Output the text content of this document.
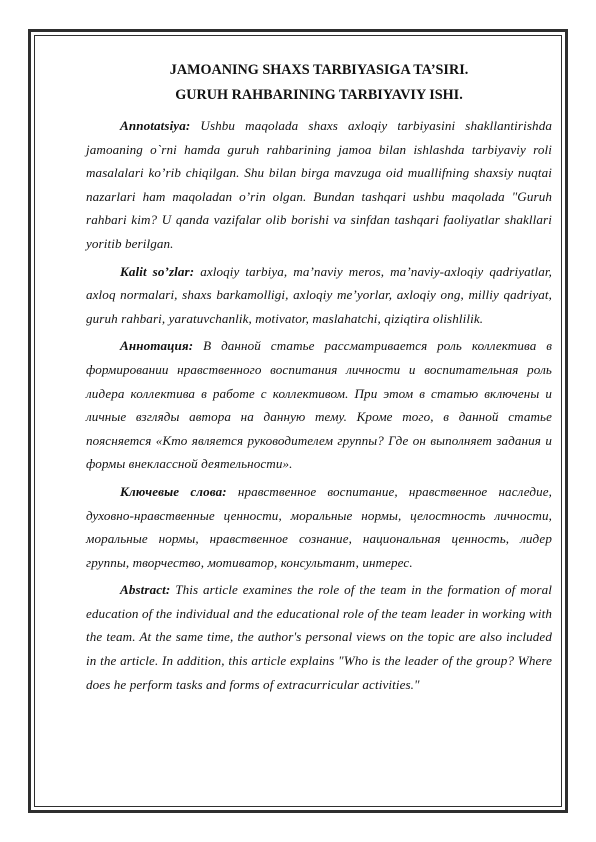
JAMOANING SHAXS TARBIYASIGA TA’SIRI.
GURUH RAHBARINING TARBIYAVIY ISHI.

Annotatsiya: Ushbu maqolada shaxs axloqiy tarbiyasini shakllantirishda jamoaning o`rni hamda guruh rahbarining jamoa bilan ishlashda tarbiyaviy roli masalalari ko’rib chiqilgan. Shu bilan birga mavzuga oid muallifning shaxsiy nuqtai nazarlari ham maqoladan o’rin olgan. Bundan tashqari ushbu maqolada "Guruh rahbari kim? U qanda vazifalar olib borishi va sinfdan tashqari faoliyatlar shakllari yoritib berilgan.

Kalit so’zlar: axloqiy tarbiya, ma’naviy meros, ma’naviy-axloqiy qadriyatlar, axloq normalari, shaxs barkamolligi, axloqiy me’yorlar, axloqiy ong, milliy qadriyat, guruh rahbari, yaratuvchanlik, motivator, maslahatchi, qiziqtira olishlilik.

Аннотация: В данной статье рассматривается роль коллектива в формировании нравственного воспитания личности и воспитательная роль лидера коллектива в работе с коллективом. При этом в статью включены и личные взгляды автора на данную тему. Кроме того, в данной статье поясняется «Кто является руководителем группы? Где он выполняет задания и формы внеклассной деятельности».

Ключевые слова: нравственное воспитание, нравственное наследие, духовно-нравственные ценности, моральные нормы, целостность личности, моральные нормы, нравственное сознание, национальная ценность, лидер группы, творчество, мотиватор, консультант, интерес.

Abstract: This article examines the role of the team in the formation of moral education of the individual and the educational role of the team leader in working with the team. At the same time, the author's personal views on the topic are also included in the article. In addition, this article explains "Who is the leader of the group? Where does he perform tasks and forms of extracurricular activities."
